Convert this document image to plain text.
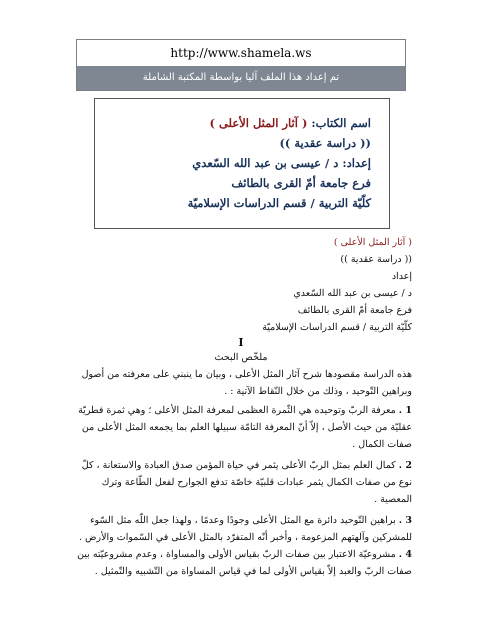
http://www.shamela.ws
تم إعداد هذا الملف آليا بواسطة المكتبة الشاملة
اسم الكتاب: ( آثار المثل الأعلى )
(( دراسة عقدية ))
إعداد: د / عيسى بن عبد الله السّعدي
فرع جامعة أمّ القرى بالطائف
كلّيّة التربية / قسم الدراسات الإسلاميّة

( آثار المثل الأعلى )

(( دراسة عقدية ))

إعداد

د / عيسى بن عبد الله السّعدي

فرع جامعة أمّ القرى بالطائف

كلّيّة التربية / قسم الدراسات الإسلاميّة

I

ملخّص البحث

هذه الدراسة مقصودها شرح آثار المثل الأعلى ، وبيان ما ينبني على معرفته من أصول

وبراهين التّوحيد ، وذلك من خلال النّقاط الآتية : .

1 . معرفة الربّ وتوحيده هي الثّمرة العظمى لمعرفة المثل الأعلى ؛ وهي ثمرة فطريّة

عقليّة من حيث الأصل ، إلاّ أنّ المعرفة التامّة سبيلها العلم بما يجمعه المثل الأعلى من

صفات الكمال .

2 . كمال العلم بمثل الربّ الأعلى يثمر في حياة المؤمن صدق العبادة والاستعانة ، كلّ

نوع من صفات الكمال يثمر عبادات قلبيّة خاصّة تدفع الجوارح لفعل الطّاعة وترك

المعصية .

3 . براهين التّوحيد دائرة مع المثل الأعلى وجودًا وعدمًا ، ولهذا جعل اللّه مثل السّوء

للمشركين وآلهتهم المزعومة ، وأخبر أنّه المتفرّد بالمثل الأعلى في السّموات والأرض .

4 . مشروعيّة الاعتبار بين صفات الربّ بقياس الأولى والمساواة ، وعدم مشروعيّته بين

صفات الربّ والعبد إلاّ بقياس الأولى لما في قياس المساواة من التّشبيه والتّمثيل .
